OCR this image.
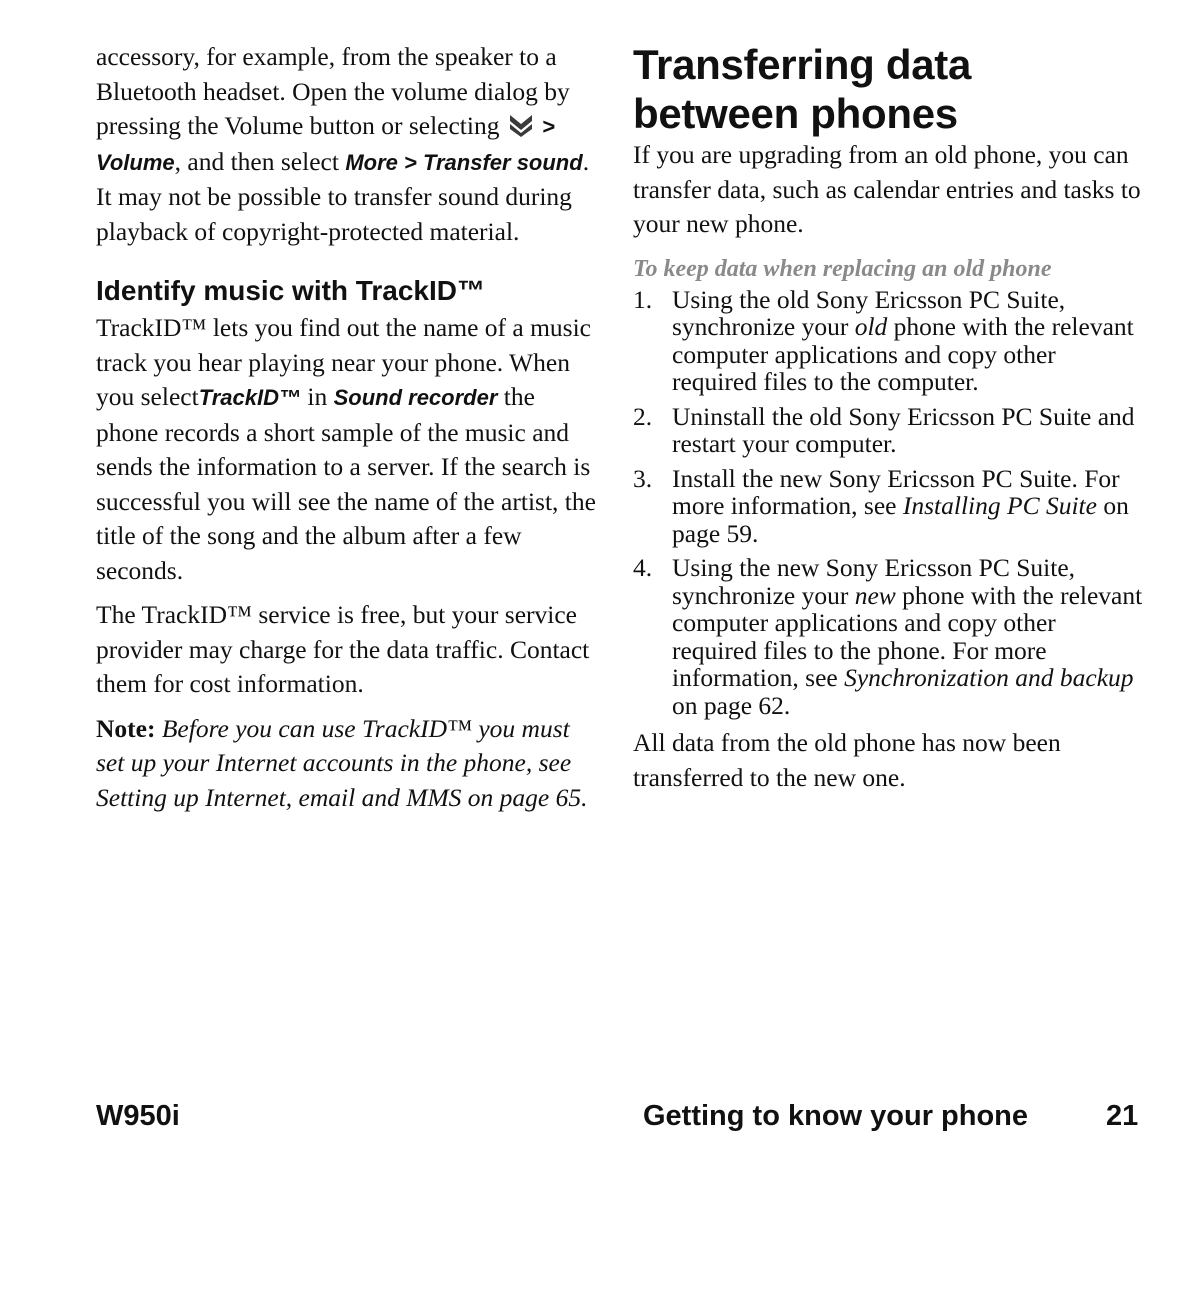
accessory, for example, from the speaker to a Bluetooth headset. Open the volume dialog by pressing the Volume button or selecting  > Volume, and then select More > Transfer sound. It may not be possible to transfer sound during playback of copyright-protected material.

Identify music with TrackID™

TrackID™ lets you find out the name of a music track you hear playing near your phone. When you selectTrackID™ in Sound recorder the phone records a short sample of the music and sends the information to a server. If the search is successful you will see the name of the artist, the title of the song and the album after a few seconds.

The TrackID™ service is free, but your service provider may charge for the data traffic. Contact them for cost information.

Note: Before you can use TrackID™ you must set up your Internet accounts in the phone, see Setting up Internet, email and MMS on page 65.

Transferring data between phones

If you are upgrading from an old phone, you can transfer data, such as calendar entries and tasks to your new phone.

To keep data when replacing an old phone
1. Using the old Sony Ericsson PC Suite, synchronize your old phone with the relevant computer applications and copy other required files to the computer.
2. Uninstall the old Sony Ericsson PC Suite and restart your computer.
3. Install the new Sony Ericsson PC Suite. For more information, see Installing PC Suite on page 59.
4. Using the new Sony Ericsson PC Suite, synchronize your new phone with the relevant computer applications and copy other required files to the phone. For more information, see Synchronization and backup on page 62.

All data from the old phone has now been transferred to the new one.

W950i	Getting to know your phone	21
